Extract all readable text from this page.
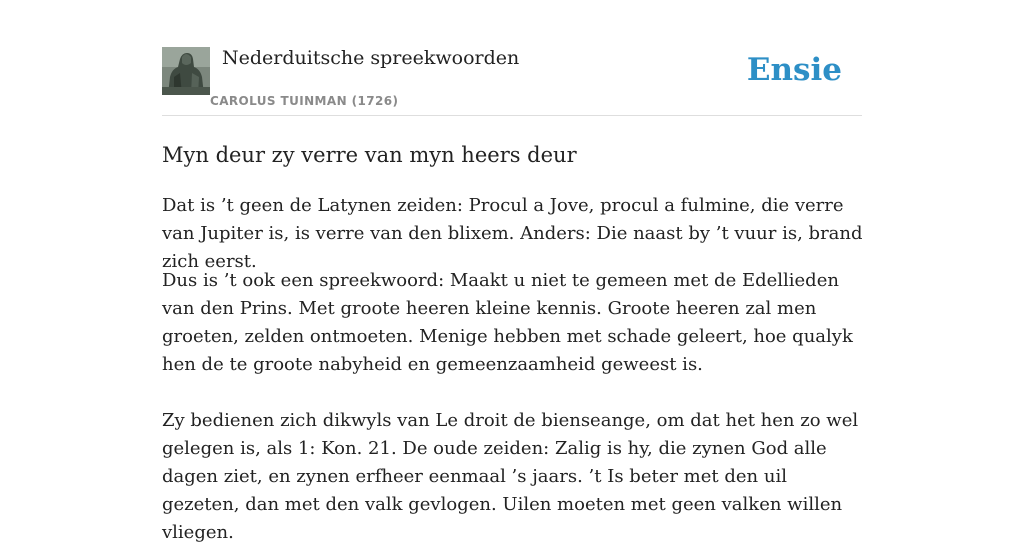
Nederduitsche spreekwoorden
CAROLUS TUINMAN (1726)
Ensie
Myn deur zy verre van myn heers deur

Dat is ’t geen de Latynen zeiden: Procul a Jove, procul a fulmine, die verre van Jupiter is, is verre van den blixem. Anders: Die naast by ’t vuur is, brand zich eerst.

Dus is ’t ook een spreekwoord: Maakt u niet te gemeen met de Edellieden van den Prins. Met groote heeren kleine kennis. Groote heeren zal men groeten, zelden ontmoeten. Menige hebben met schade geleert, hoe qualyk hen de te groote nabyheid en gemeenzaamheid geweest is.

Zy bedienen zich dikwyls van Le droit de bienseange, om dat het hen zo wel gelegen is, als 1: Kon. 21. De oude zeiden: Zalig is hy, die zynen God alle dagen ziet, en zynen erfheer eenmaal ’s jaars. ’t Is beter met den uil gezeten, dan met den valk gevlogen. Uilen moeten met geen valken willen vliegen.
